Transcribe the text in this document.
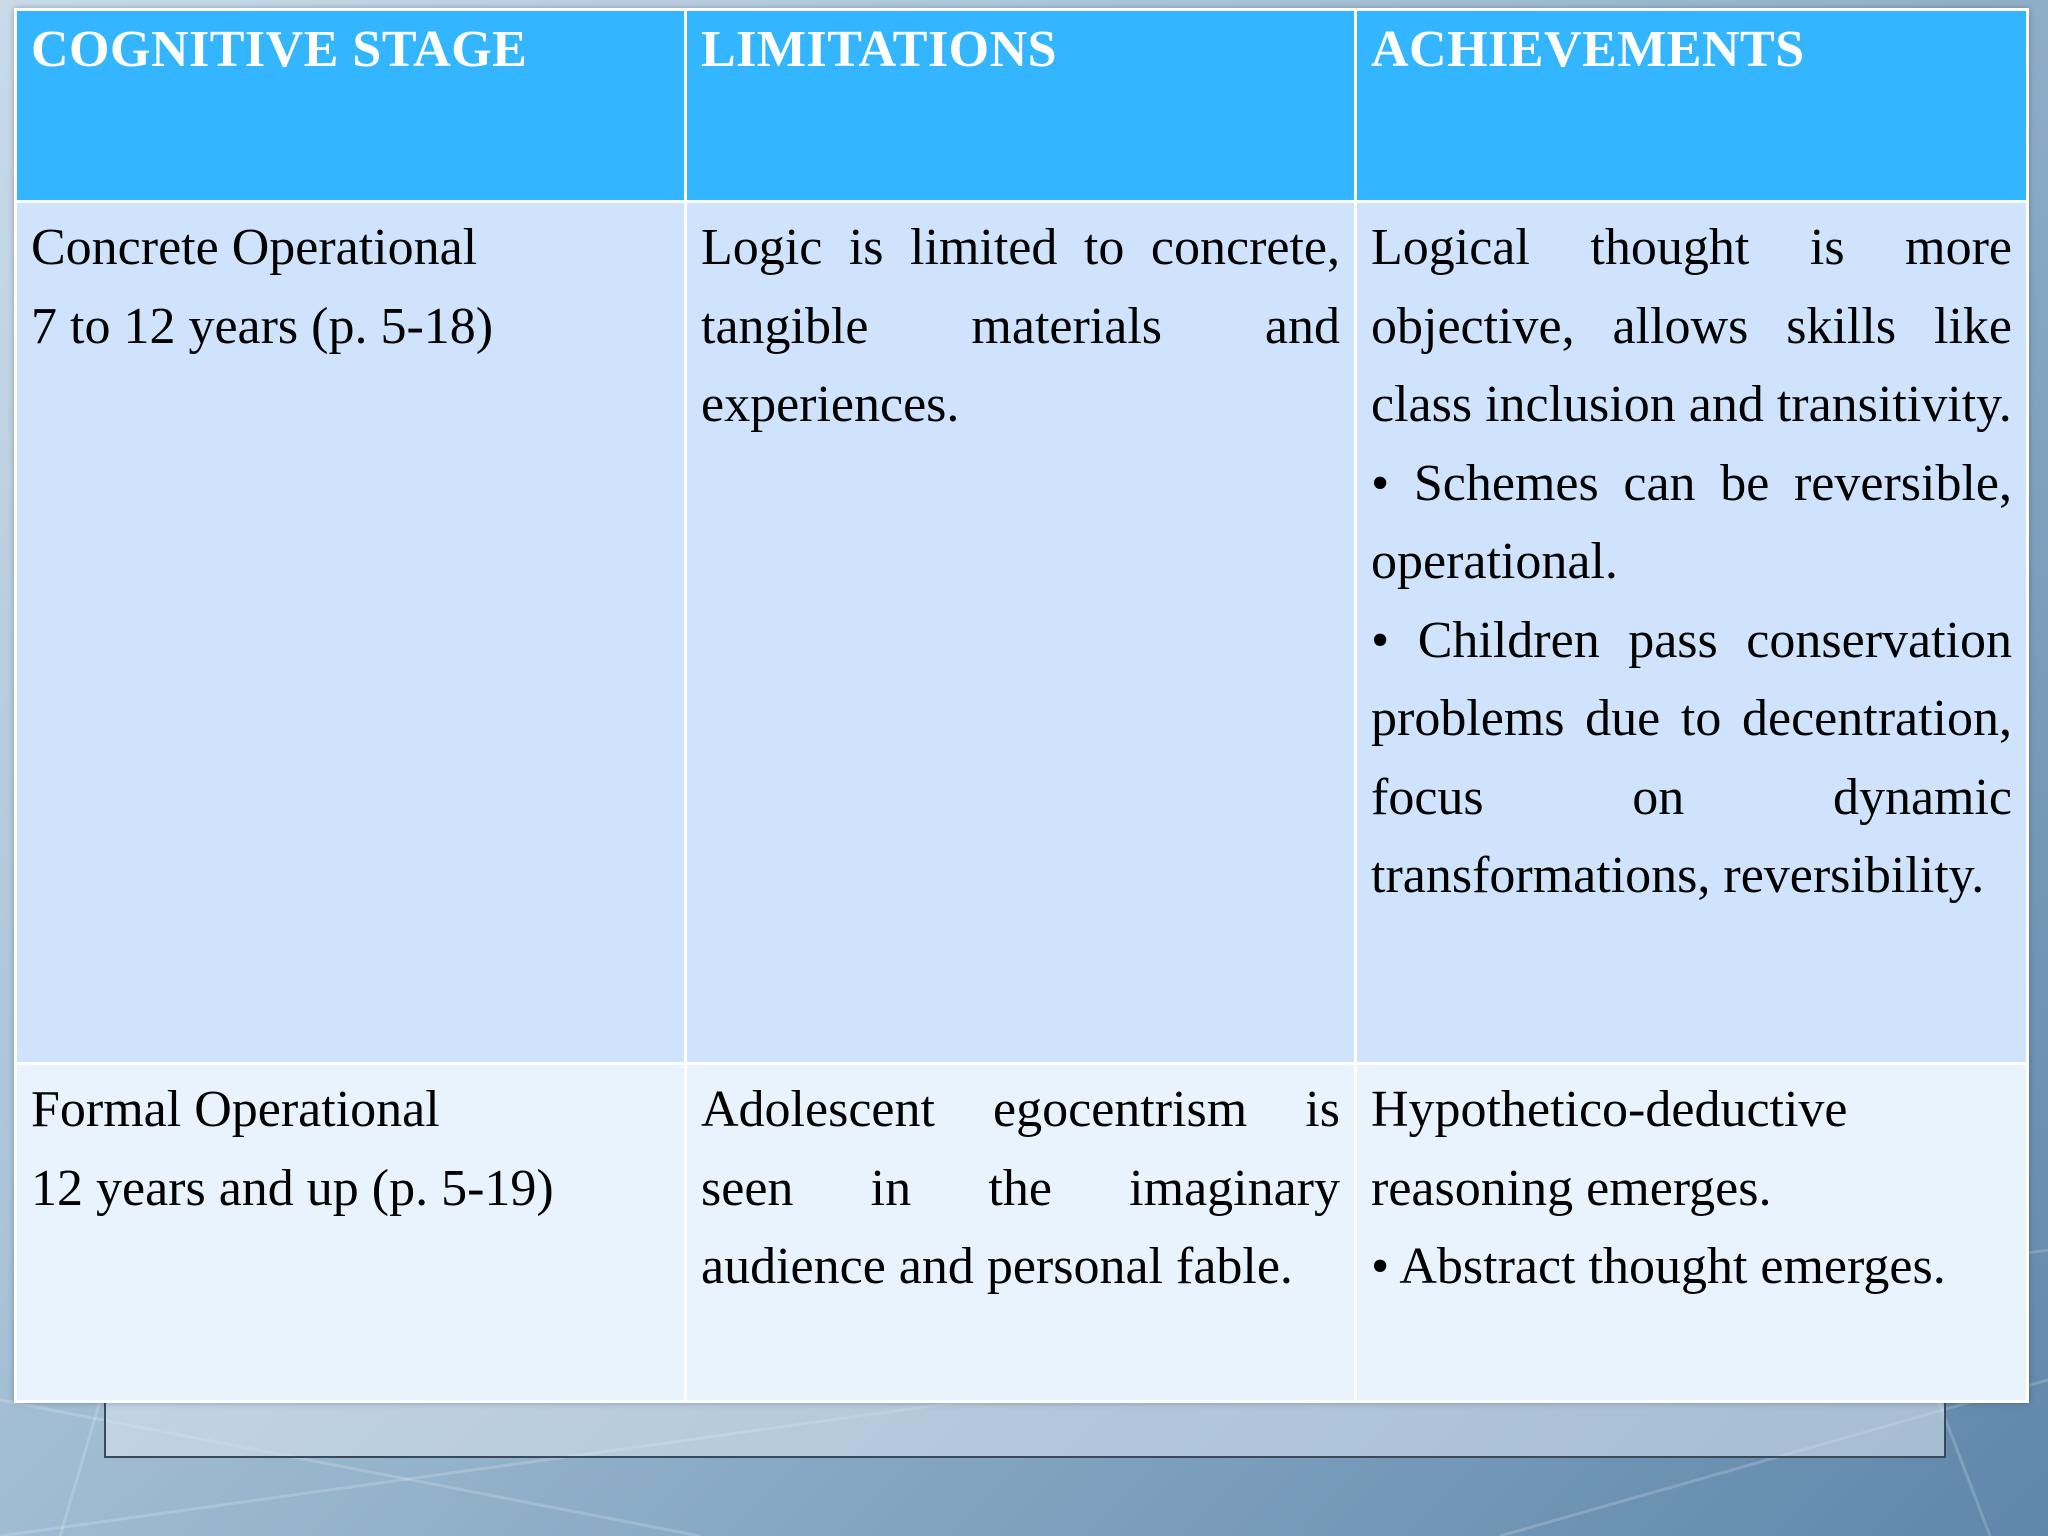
COGNITIVE STAGE	LIMITATIONS	ACHIEVEMENTS

Concrete Operational
7 to 12 years (p. 5-18)	Logic is limited to concrete, tangible materials and experiences.	Logical thought is more objective, allows skills like class inclusion and transitivity.
• Schemes can be reversible, operational.
• Children pass conservation problems due to decentration, focus on dynamic transformations, reversibility.

Formal Operational
12 years and up (p. 5-19)	Adolescent egocentrism is seen in the imaginary audience and personal fable.	Hypothetico-deductive reasoning emerges.
• Abstract thought emerges.
